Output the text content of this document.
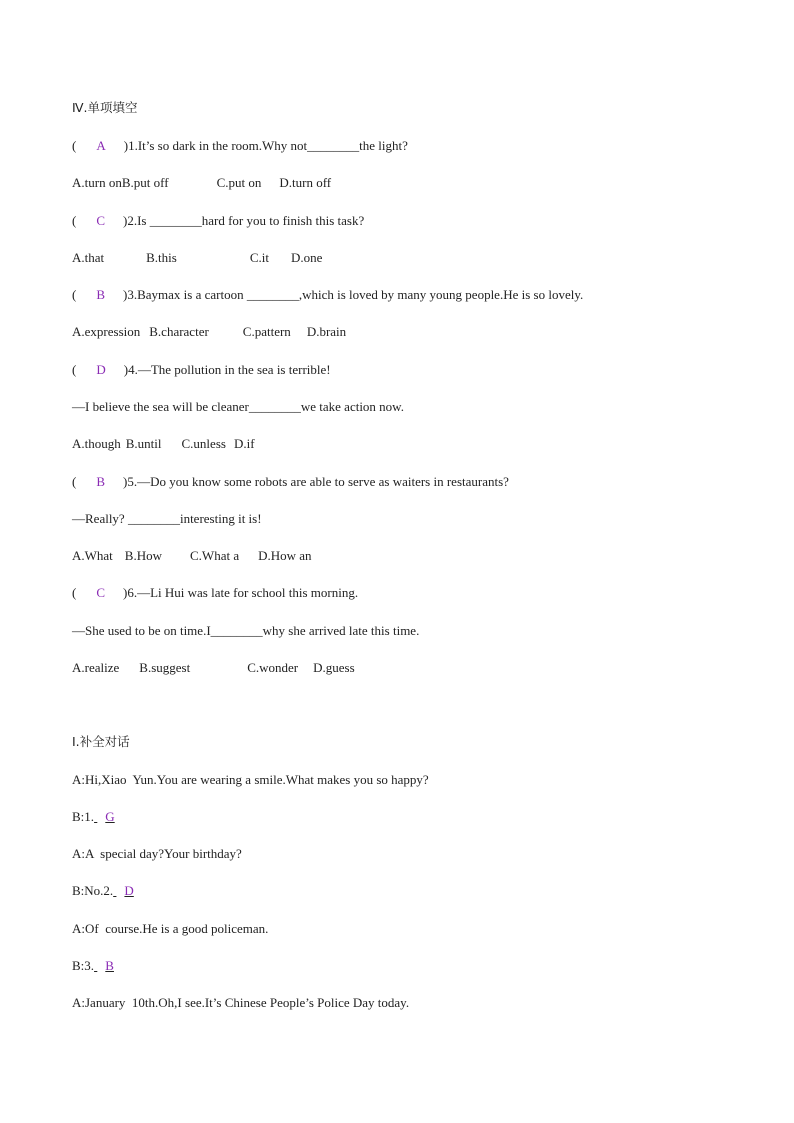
Ⅳ.单项填空
( A )1.It’s so dark in the room.Why not________the light?
A.turn onB.put off	C.put on D.turn off
( C )2.Is ________hard for you to finish this task?
A.that	B.this	C.it D.one
( B )3.Baymax is a cartoon ________,which is loved by many young people.He is so lovely.
A.expression B.character	C.pattern D.brain
( D )4.—The pollution in the sea is terrible!
—I believe the sea will be cleaner________we take action now.
A.though B.until C.unless D.if
( B )5.—Do you know some robots are able to serve as waiters in restaurants?
—Really? ________interesting it is!
A.What B.How C.What a D.How an
( C )6.—Li Hui was late for school this morning.
—She used to be on time.I________why she arrived late this time.
A.realize B.suggest	C.wonder D.guess
Ⅰ.补全对话
A:Hi,Xiao  Yun.You are wearing a smile.What makes you so happy?
B:1. G
A:A  special day?Your birthday?
B:No.2. D
A:Of  course.He is a good policeman.
B:3. B
A:January  10th.Oh,I see.It’s Chinese People’s Police Day today.
